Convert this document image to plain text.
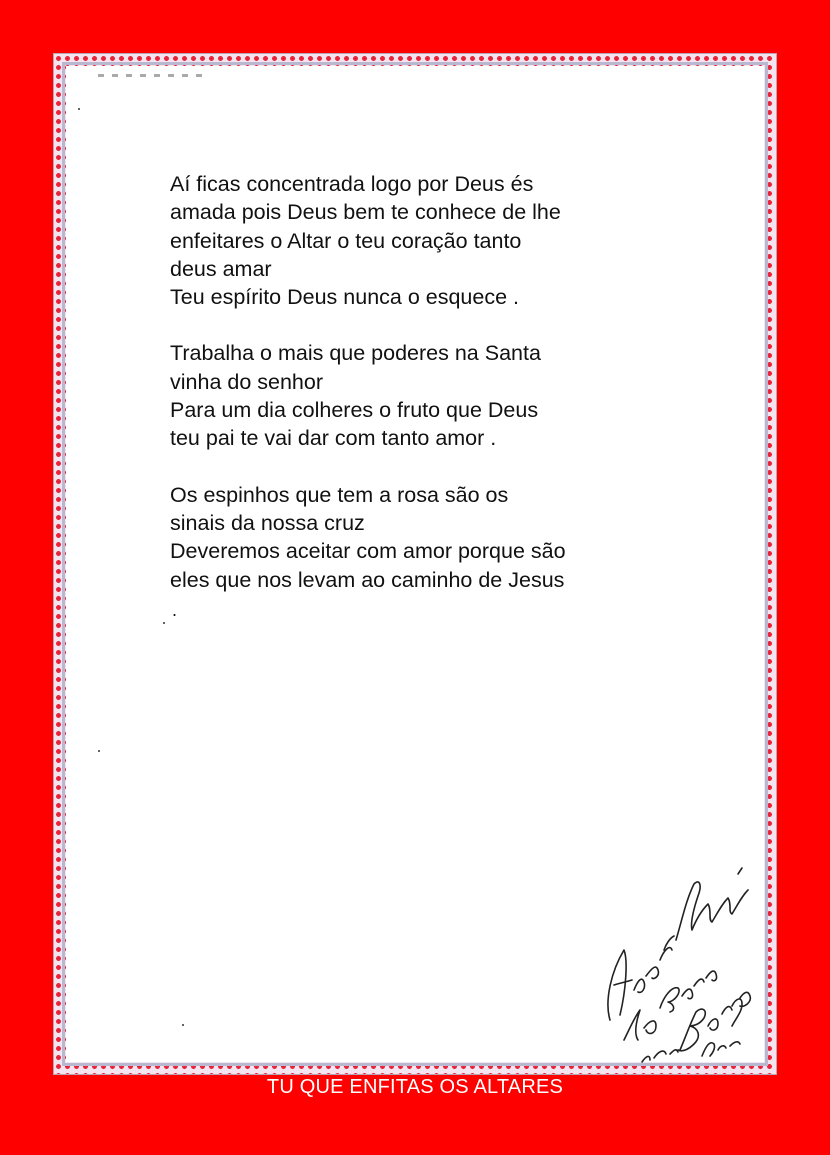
Aí ficas concentrada logo por Deus és
amada pois Deus bem te conhece de lhe
enfeitares o Altar o teu coração tanto
deus amar
Teu espírito Deus nunca o esquece .
Trabalha o mais que poderes na Santa
vinha do senhor
Para um dia colheres o fruto que Deus
teu pai te vai dar com tanto amor .
Os espinhos que tem a rosa são os
sinais da nossa cruz
Deveremos aceitar com amor porque são
eles que nos levam ao caminho de Jesus
.
TU QUE ENFITAS OS ALTARES
